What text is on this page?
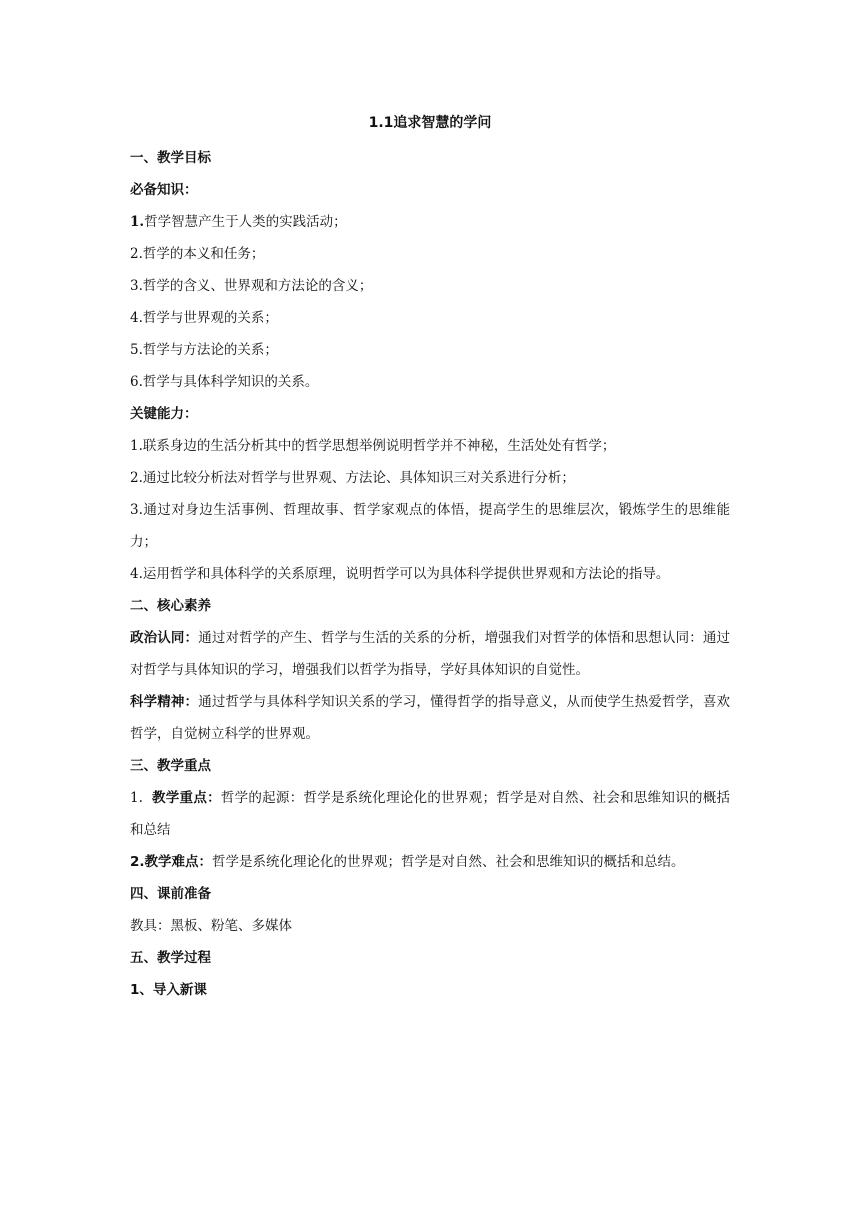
1.1追求智慧的学问

一、教学目标

必备知识：

1.哲学智慧产生于人类的实践活动；

2.哲学的本义和任务；

3.哲学的含义、世界观和方法论的含义；

4.哲学与世界观的关系；

5.哲学与方法论的关系；

6.哲学与具体科学知识的关系。

关键能力：

1.联系身边的生活分析其中的哲学思想举例说明哲学并不神秘，生活处处有哲学；

2.通过比较分析法对哲学与世界观、方法论、具体知识三对关系进行分析；

3.通过对身边生活事例、哲理故事、哲学家观点的体悟，提高学生的思维层次，锻炼学生的思维能力；

4.运用哲学和具体科学的关系原理，说明哲学可以为具体科学提供世界观和方法论的指导。

二、核心素养

政治认同：通过对哲学的产生、哲学与生活的关系的分析，增强我们对哲学的体悟和思想认同：通过对哲学与具体知识的学习，增强我们以哲学为指导，学好具体知识的自觉性。

科学精神：通过哲学与具体科学知识关系的学习，懂得哲学的指导意义，从而使学生热爱哲学，喜欢哲学，自觉树立科学的世界观。

三、教学重点

1. 教学重点：哲学的起源：哲学是系统化理论化的世界观；哲学是对自然、社会和思维知识的概括和总结

2.教学难点：哲学是系统化理论化的世界观；哲学是对自然、社会和思维知识的概括和总结。

四、课前准备

教具：黑板、粉笔、多媒体

五、教学过程

1、导入新课
